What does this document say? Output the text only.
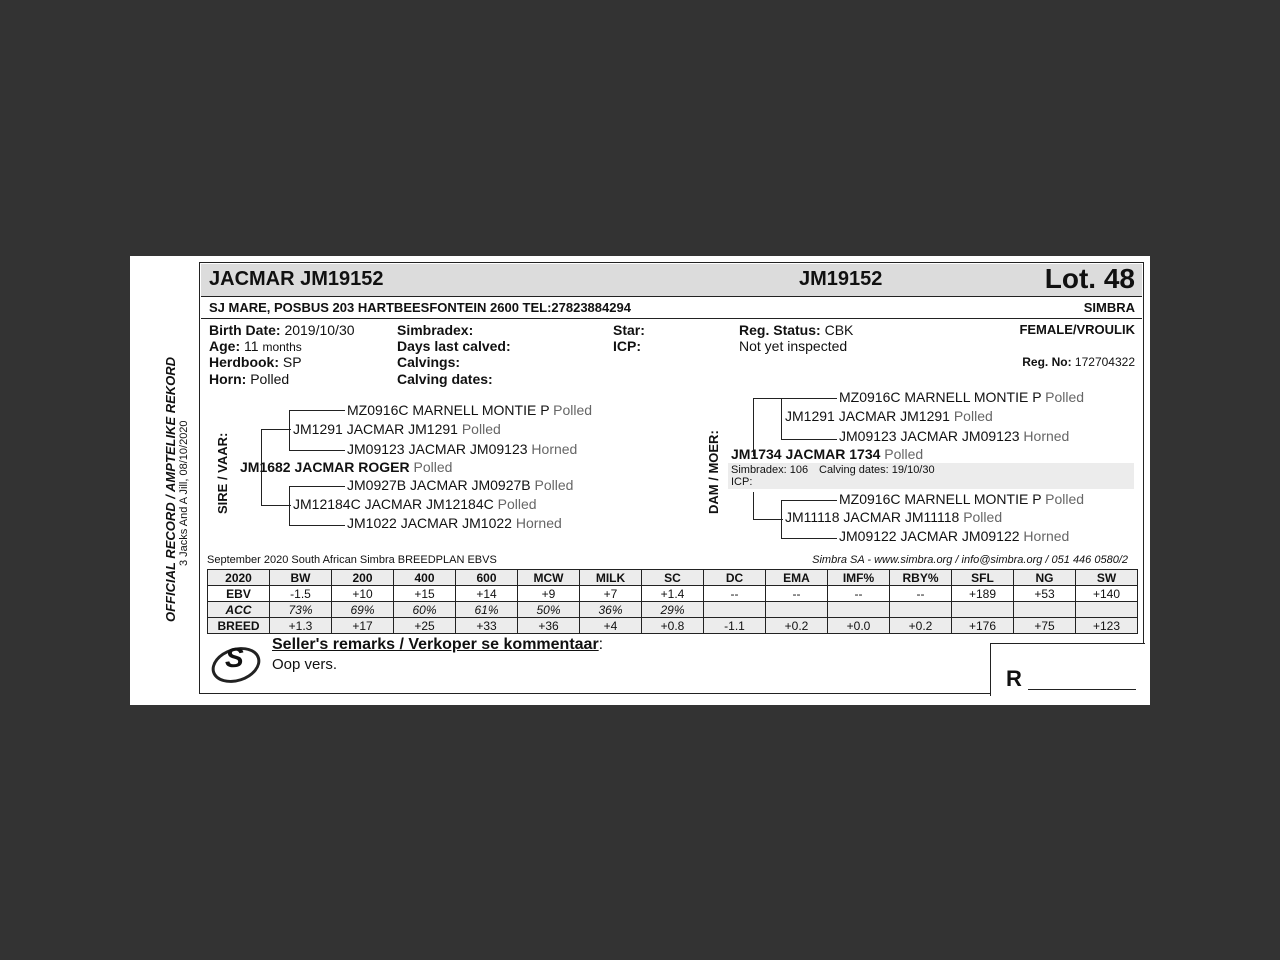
OFFICIAL RECORD / AMPTELIKE REKORD 3 Jacks And A Jill, 08/10/2020
JACMAR JM19152	JM19152	Lot. 48
SJ MARE, POSBUS 203 HARTBEESFONTEIN 2600 TEL:27823884294	SIMBRA
Birth Date: 2019/10/30
Age: 11 months
Herdbook: SP
Horn: Polled
Simbradex:
Days last calved:
Calvings:
Calving dates:
Star:
ICP:
Reg. Status: CBK
Not yet inspected
FEMALE/VROULIK
Reg. No: 172704322
SIRE / VAAR:
MZ0916C MARNELL MONTIE P Polled
JM1291 JACMAR JM1291 Polled
JM09123 JACMAR JM09123 Horned
JM1682 JACMAR ROGER Polled
JM0927B JACMAR JM0927B Polled
JM12184C JACMAR JM12184C Polled
JM1022 JACMAR JM1022 Horned
DAM / MOER:
MZ0916C MARNELL MONTIE P Polled
JM1291 JACMAR JM1291 Polled
JM09123 JACMAR JM09123 Horned
JM1734 JACMAR 1734 Polled
Simbradex: 106 Calving dates: 19/10/30
ICP:
MZ0916C MARNELL MONTIE P Polled
JM11118 JACMAR JM11118 Polled
JM09122 JACMAR JM09122 Horned
September 2020 South African Simbra BREEDPLAN EBVS	Simbra SA - www.simbra.org / info@simbra.org / 051 446 0580/2
2020	BW	200	400	600	MCW	MILK	SC	DC	EMA	IMF%	RBY%	SFL	NG	SW
EBV	-1.5	+10	+15	+14	+9	+7	+1.4	--	--	--	--	+189	+53	+140
ACC	73%	69%	60%	61%	50%	36%	29%							
BREED	+1.3	+17	+25	+33	+36	+4	+0.8	-1.1	+0.2	+0.0	+0.2	+176	+75	+123
S Seller's remarks / Verkoper se kommentaar:
Oop vers.
R
